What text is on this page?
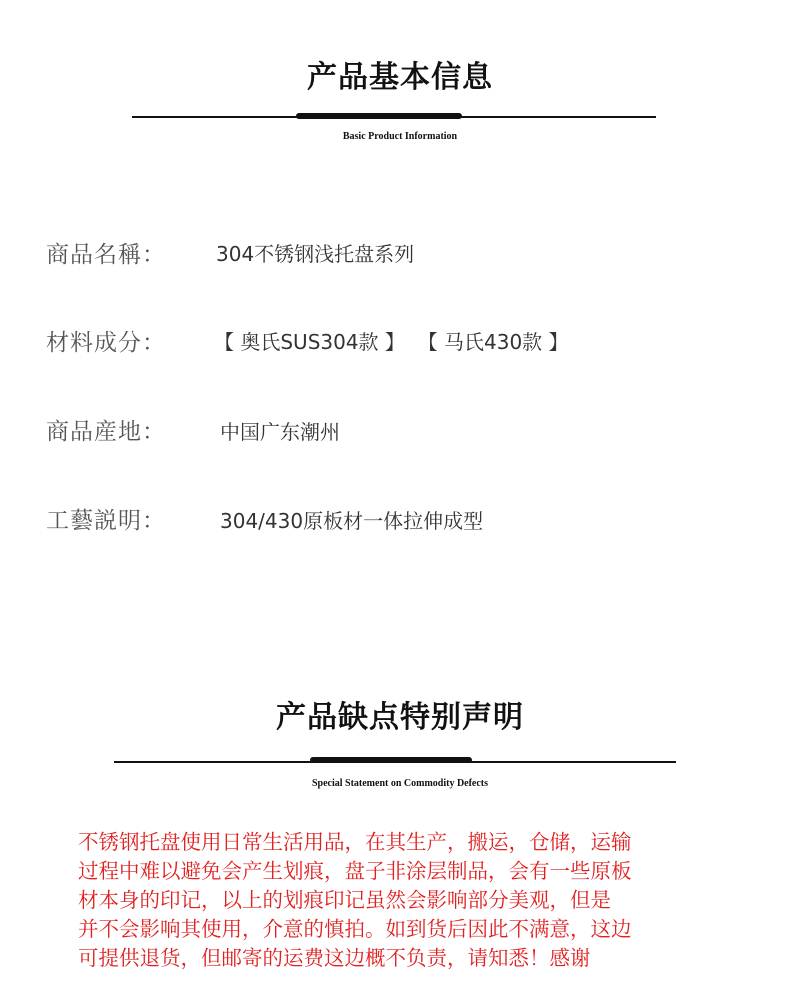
产品基本信息
Basic Product Information
商品名稱：	304不锈钢浅托盘系列
材料成分： 【 奥氏SUS304款 】  【 马氏430款 】
商品産地：	中国广东潮州
工藝説明：	304/430原板材一体拉伸成型
产品缺点特别声明
Special Statement on Commodity Defects
不锈钢托盘使用日常生活用品，在其生产，搬运，仓储，运输
过程中难以避免会产生划痕，盘子非涂层制品，会有一些原板
材本身的印记，以上的划痕印记虽然会影响部分美观，但是
并不会影响其使用，介意的慎拍。如到货后因此不满意，这边
可提供退货，但邮寄的运费这边概不负责，请知悉！感谢
